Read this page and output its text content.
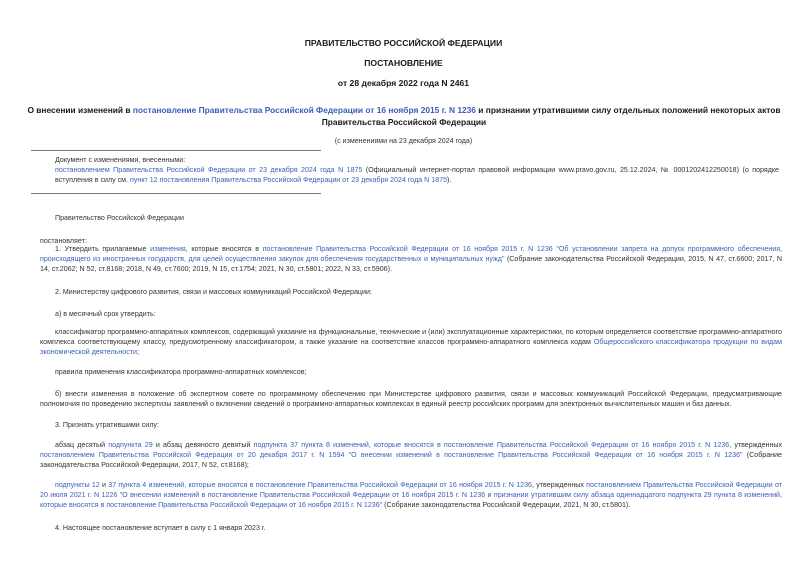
ПРАВИТЕЛЬСТВО РОССИЙСКОЙ ФЕДЕРАЦИИ
ПОСТАНОВЛЕНИЕ
от 28 декабря 2022 года N 2461
О внесении изменений в постановление Правительства Российской Федерации от 16 ноября 2015 г. N 1236 и признании утратившими силу отдельных положений некоторых актов Правительства Российской Федерации
(с изменениями на 23 декабря 2024 года)
Документ с изменениями, внесенными:
постановлением Правительства Российской Федерации от 23 декабря 2024 года N 1875 (Официальный интернет-портал правовой информации www.pravo.gov.ru, 25.12.2024, № 0001202412250018) (о порядке вступления в силу см. пункт 12 постановления Правительства Российской Федерации от 23 декабря 2024 года N 1875).
Правительство Российской Федерации
постановляет:
1. Утвердить прилагаемые изменения, которые вносятся в постановление Правительства Российской Федерации от 16 ноября 2015 г. N 1236 "Об установлении запрета на допуск программного обеспечения, происходящего из иностранных государств, для целей осуществления закупок для обеспечения государственных и муниципальных нужд" (Собрание законодательства Российской Федерации, 2015, N 47, ст.6600; 2017, N 14, ст.2062; N 52, ст.8168; 2018, N 49, ст.7600; 2019, N 15, ст.1754; 2021, N 30, ст.5801; 2022, N 33, ст.5906).
2. Министерству цифрового развития, связи и массовых коммуникаций Российской Федерации:
а) в месячный срок утвердить:
классификатор программно-аппаратных комплексов, содержащий указание на функциональные, технические и (или) эксплуатационные характеристики, по которым определяется соответствие программно-аппаратного комплекса соответствующему классу, предусмотренному классификатором, а также указание на соответствие классов программно-аппаратного комплекса кодам Общероссийского классификатора продукции по видам экономической деятельности;
правила применения классификатора программно-аппаратных комплексов;
б) внести изменения в положение об экспертном совете по программному обеспечению при Министерстве цифрового развития, связи и массовых коммуникаций Российской Федерации, предусматривающие полномочия по проведению экспертизы заявлений о включении сведений о программно-аппаратных комплексах в единый реестр российских программ для электронных вычислительных машин и баз данных.
3. Признать утратившими силу:
абзац десятый подпункта 29 и абзац девяносто девятый подпункта 37 пункта 8 изменений, которые вносятся в постановление Правительства Российской Федерации от 16 ноября 2015 г. N 1236, утвержденных постановлением Правительства Российской Федерации от 20 декабря 2017 г. N 1594 "О внесении изменений в постановление Правительства Российской Федерации от 16 ноября 2015 г. N 1236" (Собрание законодательства Российской Федерации, 2017, N 52, ст.8168);
подпункты 12 и 37 пункта 4 изменений, которые вносятся в постановление Правительства Российской Федерации от 16 ноября 2015 г. N 1236, утвержденных постановлением Правительства Российской Федерации от 20 июля 2021 г. N 1226 "О внесении изменений в постановление Правительства Российской Федерации от 16 ноября 2015 г. N 1236 и признании утратившим силу абзаца одиннадцатого подпункта 29 пункта 8 изменений, которые вносятся в постановление Правительства Российской Федерации от 16 ноября 2015 г. N 1236" (Собрание законодательства Российской Федерации, 2021, N 30, ст.5801).
4. Настоящее постановление вступает в силу с 1 января 2023 г.
